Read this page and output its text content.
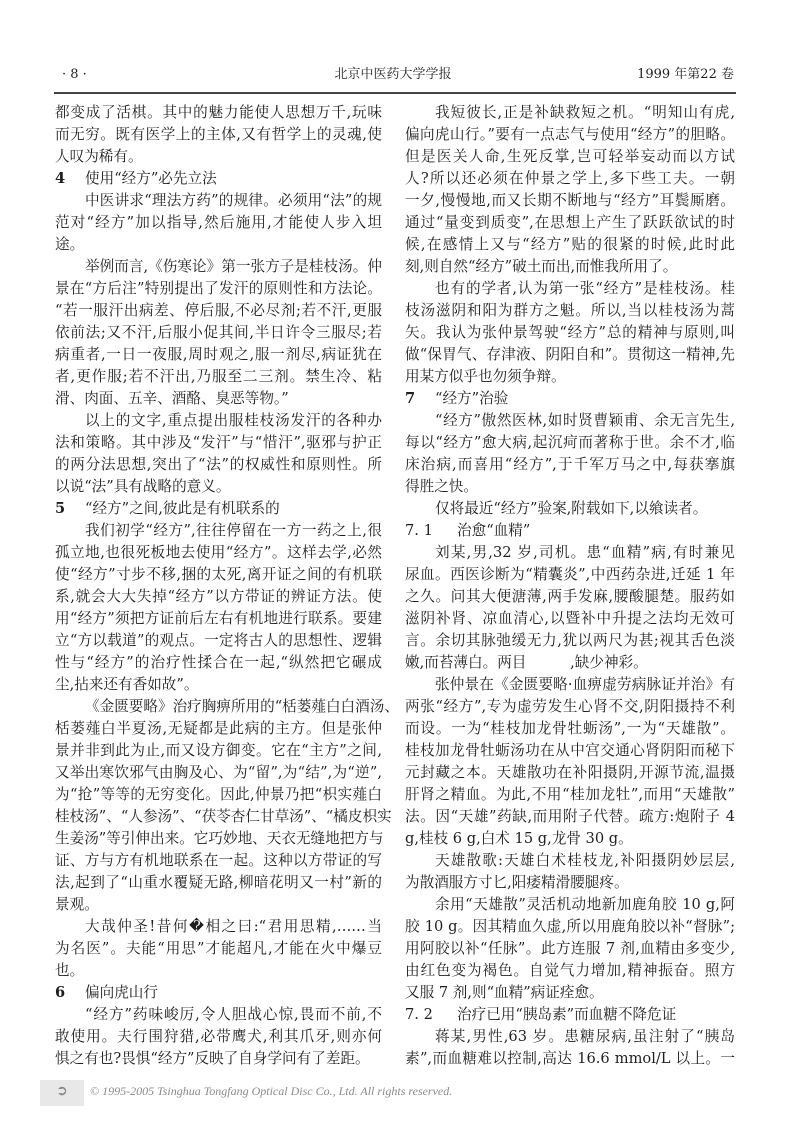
· 8 ·	北京中医药大学学报	1999 年第22 卷
都变成了活棋。其中的魅力能使人思想万千,玩味
而无穷。既有医学上的主体,又有哲学上的灵魂,使
人叹为稀有。
4 使用“经方”必先立法
中医讲求“理法方药”的规律。必须用“法”的规
范对“经方”加以指导,然后施用,才能使人步入坦
途。
举例而言,《伤寒论》第一张方子是桂枝汤。仲
景在“方后注”特别提出了发汗的原则性和方法论。
“若一服汗出病差、停后服,不必尽剂;若不汗,更服
依前法;又不汗,后服小促其间,半日许令三服尽;若
病重者,一日一夜服,周时观之,服一剂尽,病证犹在
者,更作服;若不汗出,乃服至二三剂。禁生冷、粘
滑、肉面、五辛、酒酪、臭恶等物。”
以上的文字,重点提出服桂枝汤发汗的各种办
法和策略。其中涉及“发汗”与“惜汗”,驱邪与护正
的两分法思想,突出了“法”的权威性和原则性。所
以说“法”具有战略的意义。
5 “经方”之间,彼此是有机联系的
我们初学“经方”,往往停留在一方一药之上,很
孤立地,也很死板地去使用“经方”。这样去学,必然
使“经方”寸步不移,捆的太死,离开证之间的有机联
系,就会大大失掉“经方”以方带证的辨证方法。使
用“经方”须把方证前后左右有机地进行联系。要建
立“方以载道”的观点。一定将古人的思想性、逻辑
性与“经方”的治疗性揉合在一起,“纵然把它碾成
尘,拈来还有香如故”。
《金匮要略》治疗胸痹所用的“栝蒌薤白白酒汤、
栝蒌薤白半夏汤,无疑都是此病的主方。但是张仲
景并非到此为止,而又设方御变。它在“主方”之间,
又举出寒饮邪气由胸及心、为“留”,为“结”,为“逆”,
为“抢”等等的无穷变化。因此,仲景乃把“枳实薤白
桂枝汤”、“人参汤”、“茯苓杏仁甘草汤”、“橘皮枳实
生姜汤”等引伸出来。它巧妙地、天衣无缝地把方与
证、方与方有机地联系在一起。这种以方带证的写
法,起到了“山重水覆疑无路,柳暗花明又一村”新的
景观。
大哉仲圣!昔何�相之曰:“君用思精,……当
为名医”。夫能“用思”才能超凡,才能在火中爆豆
也。
6 偏向虎山行
“经方”药味峻厉,令人胆战心惊,畏而不前,不
敢使用。夫行围狩猎,必带鹰犬,利其爪牙,则亦何
惧之有也?畏惧“经方”反映了自身学问有了差距。
我短彼长,正是补缺救短之机。“明知山有虎,
偏向虎山行。”要有一点志气与使用“经方”的胆略。
但是医关人命,生死反掌,岂可轻举妄动而以方试
人?所以还必须在仲景之学上,多下些工夫。一朝
一夕,慢慢地,而又长期不断地与“经方”耳鬓厮磨。
通过“量变到质变”,在思想上产生了跃跃欲试的时
候,在感情上又与“经方”贴的很紧的时候,此时此
刻,则自然“经方”破土而出,而惟我所用了。
也有的学者,认为第一张“经方”是桂枝汤。桂
枝汤滋阴和阳为群方之魁。所以,当以桂枝汤为蒿
矢。我认为张仲景驾驶“经方”总的精神与原则,叫
做“保胃气、存津液、阴阳自和”。贯彻这一精神,先
用某方似乎也勿须争辩。
7 “经方”治验
“经方”傲然医林,如时贤曹颖甫、余无言先生,
每以“经方”愈大病,起沉疴而著称于世。余不才,临
床治病,而喜用“经方”,于千军万马之中,每获搴旗
得胜之快。
仅将最近“经方”验案,附载如下,以飨读者。
7. 1 治愈“血精”
刘某,男,32 岁,司机。患“血精”病,有时兼见
尿血。西医诊断为“精囊炎”,中西药杂进,迁延 1 年
之久。问其大便溏薄,两手发麻,腰酸腿楚。服药如
滋阴补肾、凉血清心,以暨补中升提之法均无效可
言。余切其脉弛缓无力,犹以两尺为甚;视其舌色淡
嫩,而苔薄白。两目　　　,缺少神彩。
张仲景在《金匮要略·血痹虚劳病脉证并治》有
两张“经方”,专为虚劳发生心肾不交,阴阳摄持不利
而设。一为“桂枝加龙骨牡蛎汤”,一为“天雄散”。
桂枝加龙骨牡蛎汤功在从中宫交通心肾阴阳而秘下
元封藏之本。天雄散功在补阳摄阴,开源节流,温摄
肝肾之精血。为此,不用“桂加龙牡”,而用“天雄散”
法。因“天雄”药缺,而用附子代替。疏方:炮附子 4
g,桂枝 6 g,白术 15 g,龙骨 30 g。
天雄散歌:天雄白术桂枝龙,补阳摄阴妙层层,
为散酒服方寸匕,阳痿精滑腰腿疼。
余用“天雄散”灵活机动地新加鹿角胶 10 g,阿
胶 10 g。因其精血久虚,所以用鹿角胶以补“督脉”;
用阿胶以补“任脉”。此方连服 7 剂,血精由多变少,
由红色变为褐色。自觉气力增加,精神振奋。照方
又服 7 剂,则“血精”病证痊愈。
7. 2 治疗已用“胰岛素”而血糖不降危证
蒋某,男性,63 岁。患糖尿病,虽注射了“胰岛
素”,而血糖难以控制,高达 16.6 mmol/L 以上。一
➲	© 1995-2005 Tsinghua Tongfang Optical Disc Co., Ltd. All rights reserved.
